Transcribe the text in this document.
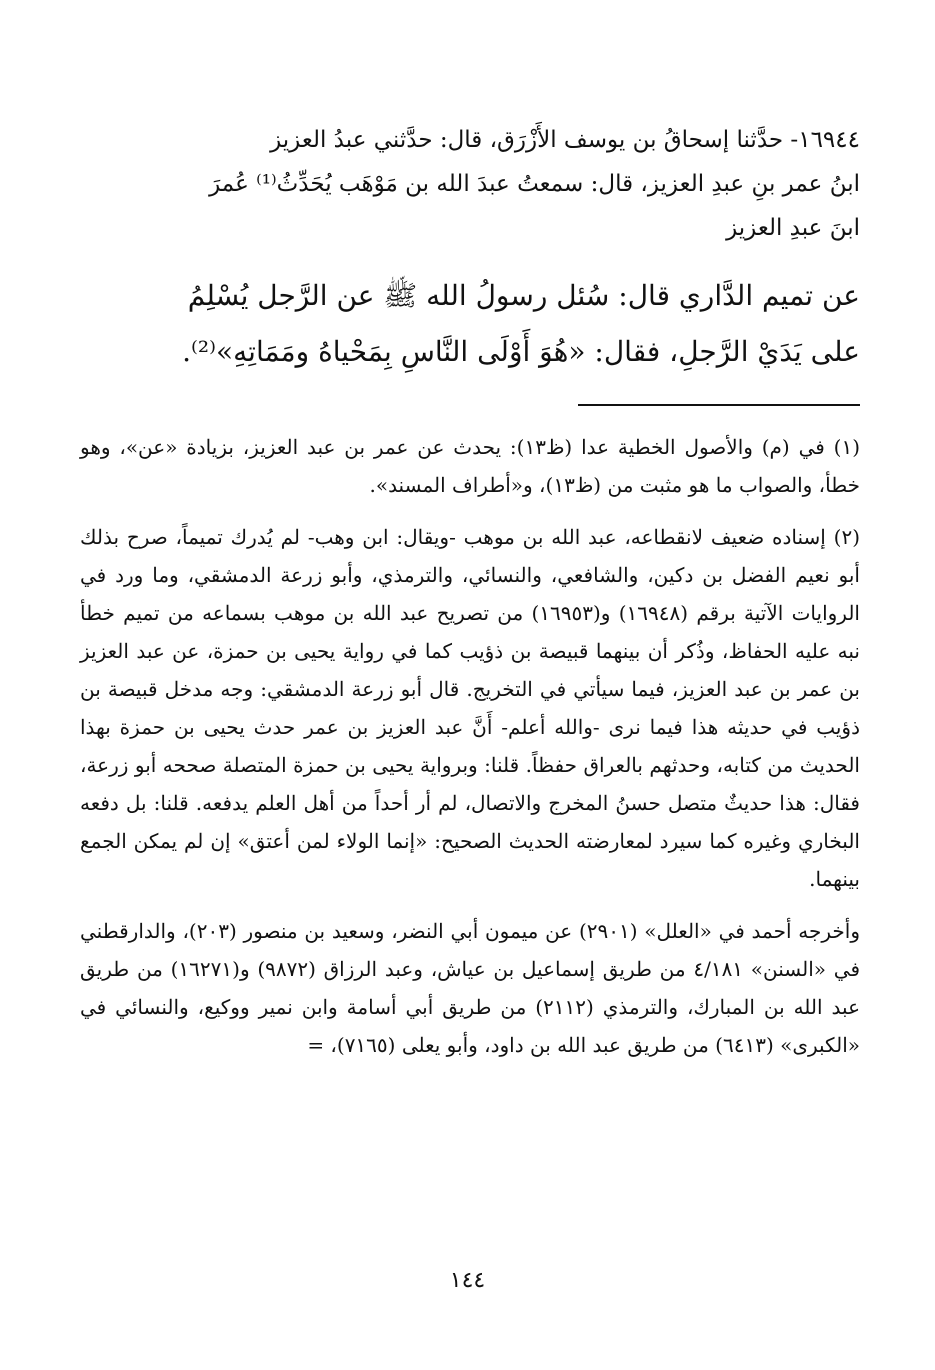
١٦٩٤٤- حدَّثنا إسحاقُ بن يوسف الأَزْرَق، قال: حدَّثني عبدُ العزيز

ابنُ عمر بنِ عبدِ العزيز، قال: سمعتُ عبدَ الله بن مَوْهَب يُحَدِّثُ⁽¹⁾ عُمرَ

ابنَ عبدِ العزيز

عن تميم الدَّاري قال: سُئل رسولُ الله ﷺ عن الرَّجل يُسْلِمُ

على يَدَيْ الرَّجلِ، فقال: «هُوَ أَوْلَى النَّاسِ بِمَحْياهُ ومَمَاتِهِ»⁽²⁾.

(١) في (م) والأصول الخطية عدا (ظ١٣): يحدث عن عمر بن عبد العزيز، بزيادة «عن»، وهو خطأ، والصواب ما هو مثبت من (ظ١٣)، و«أطراف المسند».

(٢) إسناده ضعيف لانقطاعه، عبد الله بن موهب -ويقال: ابن وهب- لم يُدرك تميماً، صرح بذلك أبو نعيم الفضل بن دكين، والشافعي، والنسائي، والترمذي، وأبو زرعة الدمشقي، وما ورد في الروايات الآتية برقم (١٦٩٤٨) و(١٦٩٥٣) من تصريح عبد الله بن موهب بسماعه من تميم خطأ نبه عليه الحفاظ، وذُكر أن بينهما قبيصة بن ذؤيب كما في رواية يحيى بن حمزة، عن عبد العزيز بن عمر بن عبد العزيز، فيما سيأتي في التخريج. قال أبو زرعة الدمشقي: وجه مدخل قبيصة بن ذؤيب في حديثه هذا فيما نرى -والله أعلم- أَنَّ عبد العزيز بن عمر حدث يحيى بن حمزة بهذا الحديث من كتابه، وحدثهم بالعراق حفظاً. قلنا: وبرواية يحيى بن حمزة المتصلة صححه أبو زرعة، فقال: هذا حديثٌ متصل حسنُ المخرج والاتصال، لم أر أحداً من أهل العلم يدفعه. قلنا: بل دفعه البخاري وغيره كما سيرد لمعارضته الحديث الصحيح: «إنما الولاء لمن أعتق» إن لم يمكن الجمع بينهما.

وأخرجه أحمد في «العلل» (٢٩٠١) عن ميمون أبي النضر، وسعيد بن منصور (٢٠٣)، والدارقطني في «السنن» ٤/١٨١ من طريق إسماعيل بن عياش، وعبد الرزاق (٩٨٧٢) و(١٦٢٧١) من طريق عبد الله بن المبارك، والترمذي (٢١١٢) من طريق أبي أسامة وابن نمير ووكيع، والنسائي في «الكبرى» (٦٤١٣) من طريق عبد الله بن داود، وأبو يعلى (٧١٦٥)، =

١٤٤
